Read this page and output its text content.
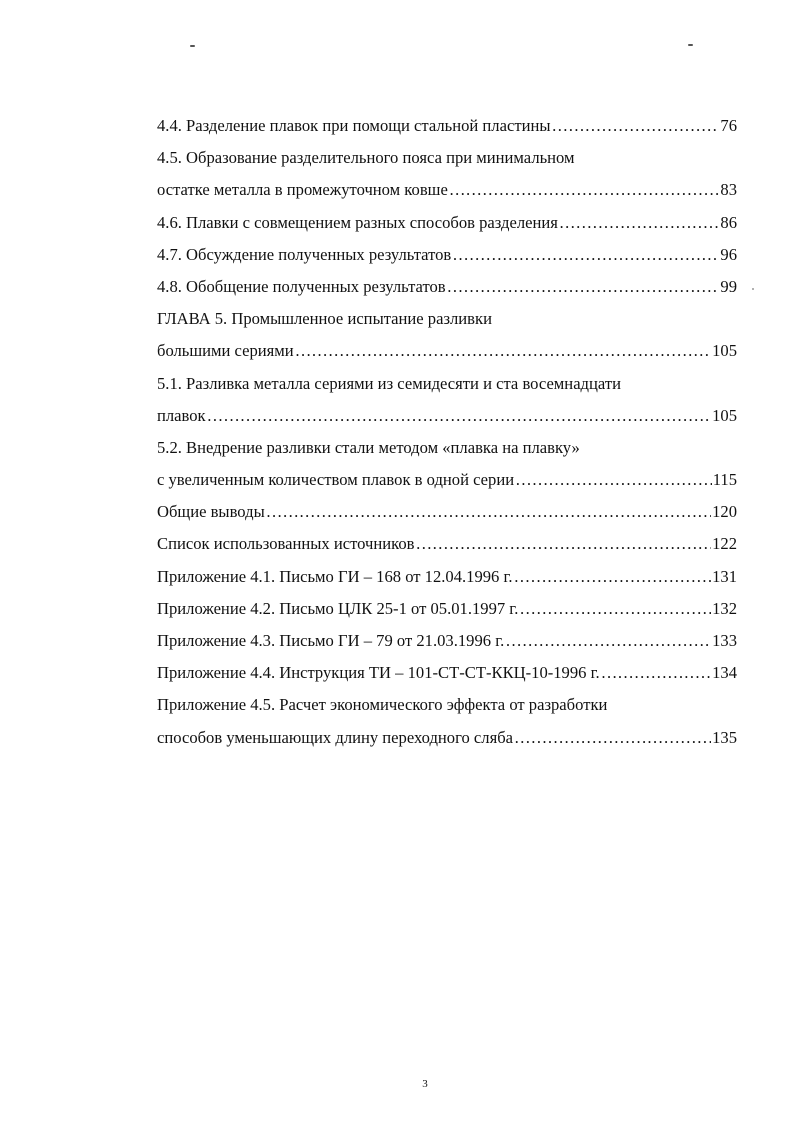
4.4. Разделение плавок при помощи стальной пластины …………………………………………………………………………………………………………………………………………………	76
4.5. Образование разделительного пояса при минимальном
остатке металла в промежуточном ковше …………………………………………………………………………………………………………………………………………………	83
4.6. Плавки с совмещением разных способов разделения …………………………………………………………………………………………………………………………………………………	86
4.7. Обсуждение полученных результатов …………………………………………………………………………………………………………………………………………………	96
4.8. Обобщение полученных результатов …………………………………………………………………………………………………………………………………………………	99
ГЛАВА 5. Промышленное испытание разливки
большими сериями …………………………………………………………………………………………………………………………………………………	105
5.1. Разливка металла сериями из семидесяти и ста восемнадцати
плавок …………………………………………………………………………………………………………………………………………………	105
5.2. Внедрение разливки стали методом «плавка на плавку»
с увеличенным количеством плавок в одной серии …………………………………………………………………………………………………………………………………………………	115
Общие выводы …………………………………………………………………………………………………………………………………………………	120
Список использованных источников …………………………………………………………………………………………………………………………………………………	122
Приложение 4.1. Письмо ГИ – 168 от 12.04.1996 г. …………………………………………………………………………………………………………………………………………………	131
Приложение 4.2. Письмо ЦЛК 25-1 от 05.01.1997 г. …………………………………………………………………………………………………………………………………………………	132
Приложение 4.3. Письмо ГИ – 79 от 21.03.1996 г. …………………………………………………………………………………………………………………………………………………	133
Приложение 4.4. Инструкция ТИ – 101-СТ-СТ-ККЦ-10-1996 г. …………………………………………………………………………………………………………………………………………………	134
Приложение 4.5. Расчет экономического эффекта от разработки
способов уменьшающих длину переходного сляба …………………………………………………………………………………………………………………………………………………	135
3
